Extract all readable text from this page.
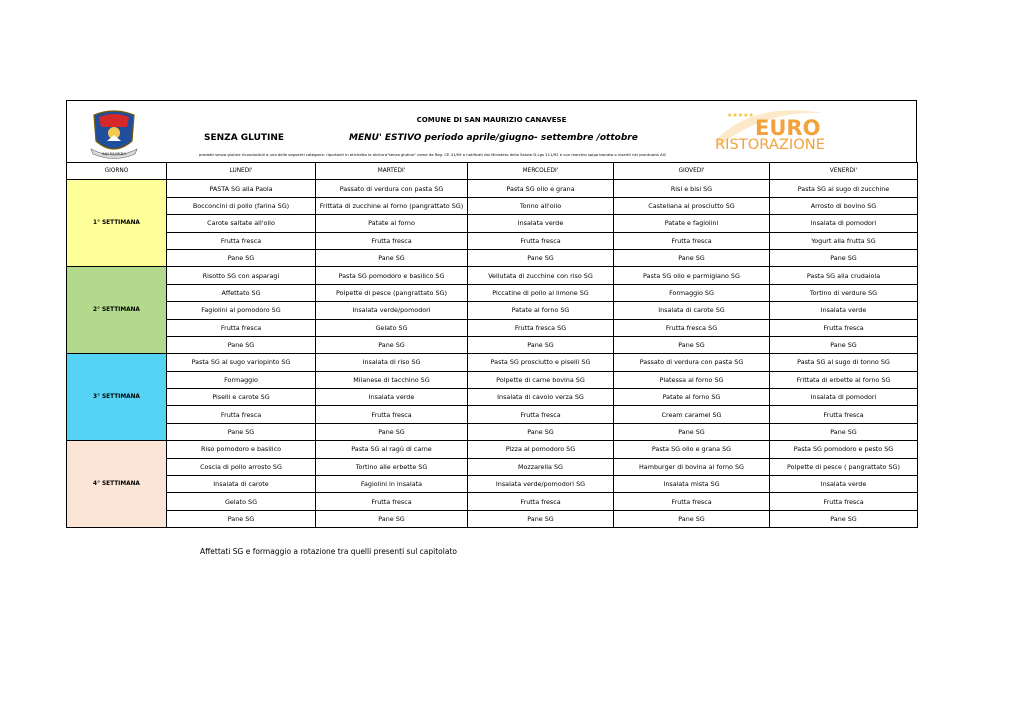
SAN MAURIZIO
COMUNE DI SAN MAURIZIO CANAVESE
SENZA GLUTINE	MENU' ESTIVO periodo aprile/giugno- settembre /ottobre
prodotti senza glutine riconducibili a una delle seguenti categorie: riportanti in etichetta la dicitura"senza glutine" come da Reg. CE 41/09 o notificati dal Ministero della Salute D.Lgs 111/92 e con marchio spiga barrata o inseriti nel prontuario AIC
★★★★★
EURO
RISTORAZIONE
GIORNO	LUNEDI'	MARTEDI'	MERCOLEDI'	GIOVEDI'	VENERDI'
1° SETTIMANA	PASTA SG alla Paola	Passato di verdura con pasta SG	Pasta SG olio e grana	Risi e bisi SG	Pasta SG al sugo di zucchine
	Bocconcini di pollo (farina SG)	Frittata di zucchine al forno (pangrattato SG)	Tonno all'olio	Castellana al prosciutto SG	Arrosto di bovino SG
	Carote saltate all'olio	Patate al forno	Insalata verde	Patate e fagiolini	Insalata di pomodori
	Frutta fresca	Frutta fresca	Frutta fresca	Frutta fresca	Yogurt alla frutta SG
	Pane SG	Pane SG	Pane SG	Pane SG	Pane SG
2° SETTIMANA	Risotto SG con asparagi	Pasta SG pomodoro e basilico SG	Vellutata di zucchine con riso SG	Pasta SG olio e parmigiano SG	Pasta SG alla crudaiola
	Affettato SG	Polpette di pesce (pangrattato SG)	Piccatine di pollo al limone SG	Formaggio SG	Tortino di verdure SG
	Fagiolini al pomodoro SG	Insalata verde/pomodori	Patate al forno SG	Insalata di carote SG	Insalata verde
	Frutta fresca	Gelato SG	Frutta fresca SG	Frutta fresca SG	Frutta fresca
	Pane SG	Pane SG	Pane SG	Pane SG	Pane SG
3° SETTIMANA	Pasta SG al sugo variopinto SG	Insalata di riso SG	Pasta SG prosciutto e piselli SG	Passato di verdura con pasta SG	Pasta SG al sugo di tonno SG
	Formaggio	Milanese di tacchino SG	Polpette di carne bovina SG	Platessa al forno SG	Frittata di erbette al forno SG
	Piselli e carote SG	Insalata verde	Insalata di cavolo verza SG	Patate al forno SG	Insalata di pomodori
	Frutta fresca	Frutta fresca	Frutta fresca	Cream caramel SG	Frutta fresca
	Pane SG	Pane SG	Pane SG	Pane SG	Pane SG
4° SETTIMANA	Riso pomodoro e basilico	Pasta SG al ragù di carne	Pizza al pomodoro SG	Pasta SG olio e grana SG	Pasta SG pomodoro e pesto SG
	Coscia di pollo arrosto SG	Tortino alle erbette SG	Mozzarella SG	Hamburger di bovina al forno SG	Polpette di pesce ( pangrattato SG)
	Insalata di carote	Fagiolini in insalata	Insalata verde/pomodori SG	Insalata mista SG	Insalata verde
	Gelato SG	Frutta fresca	Frutta fresca	Frutta fresca	Frutta fresca
	Pane SG	Pane SG	Pane SG	Pane SG	Pane SG
Affettati SG e formaggio a rotazione tra quelli presenti sul capitolato
